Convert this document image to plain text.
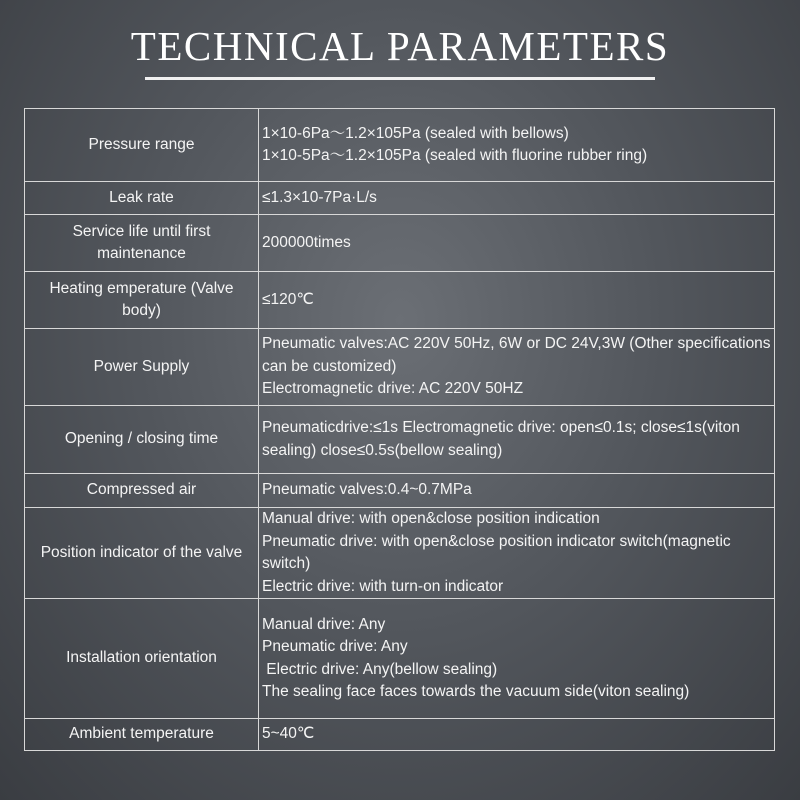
TECHNICAL PARAMETERS
Pressure range	1×10-6Pa～1.2×105Pa (sealed with bellows)
1×10-5Pa～1.2×105Pa (sealed with fluorine rubber ring)

Leak rate	≤1.3×10-7Pa·L/s

Service life until first maintenance	200000times

Heating emperature (Valve body)	≤120℃

Power Supply	Pneumatic valves:AC 220V 50Hz, 6W or DC 24V,3W (Other specifications can be customized)
Electromagnetic drive: AC 220V 50HZ

Opening / closing time	Pneumaticdrive:≤1s Electromagnetic drive: open≤0.1s; close≤1s(viton sealing) close≤0.5s(bellow sealing)

Compressed air	Pneumatic valves:0.4~0.7MPa

Position indicator of the valve	Manual drive: with open&close position indication
Pneumatic drive: with open&close position indicator switch(magnetic switch)
Electric drive: with turn-on indicator

Installation orientation	Manual drive: Any
Pneumatic drive: Any
Electric drive: Any(bellow sealing)
The sealing face faces towards the vacuum side(viton sealing)

Ambient temperature	5~40℃
